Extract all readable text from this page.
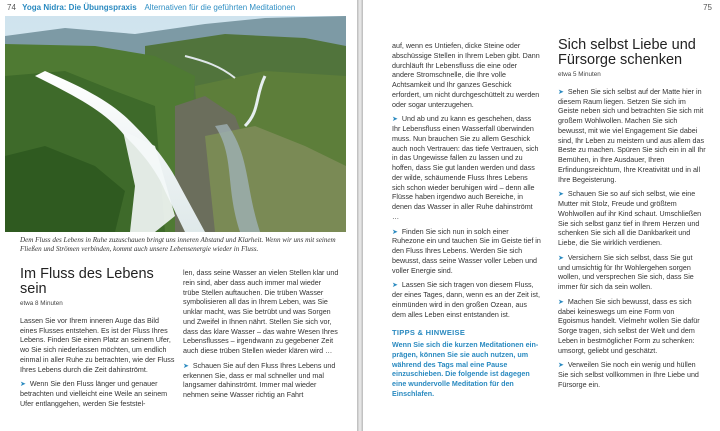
74 Yoga Nidra: Die Übungspraxis Alternativen für die geführten Meditationen
Dem Fluss des Lebens in Ruhe zuzuschauen bringt uns inneren Abstand und Klarheit. Wenn wir uns mit seinem Fließen und Strömen verbinden, kommt auch unsere Lebensenergie wieder in Fluss.
Im Fluss des Lebens sein
etwa 8 Minuten

Lassen Sie vor Ihrem inneren Auge das Bild eines Flusses entstehen. Es ist der Fluss Ihres Lebens. Finden Sie einen Platz an seinem Ufer, wo Sie sich niederlassen möchten, um endlich einmal in aller Ruhe zu betrachten, wie der Fluss Ihres Lebens durch die Zeit dahinströmt.

➤ Wenn Sie den Fluss länger und genauer betrachten und vielleicht eine Weile an seinem Ufer entlanggehen, werden Sie feststel-

len, dass seine Wasser an vielen Stellen klar und rein sind, aber dass auch immer mal wieder trübe Stellen auftauchen. Die trüben Wasser symbolisieren all das in Ihrem Leben, was Sie unklar macht, was Sie betrübt und was Sorgen und Zweifel in Ihnen nährt. Stellen Sie sich vor, dass das klare Wasser – das wahre Wesen Ihres Lebensflusses – irgendwann zu gegebener Zeit auch diese trüben Stellen wieder klären wird …

➤ Schauen Sie auf den Fluss Ihres Lebens und erkennen Sie, dass er mal schneller und mal langsamer dahinströmt. Immer mal wieder nehmen seine Wasser richtig an Fahrt

75

auf, wenn es Untiefen, dicke Steine oder abschüssige Stellen in Ihrem Leben gibt. Dann durchläuft Ihr Lebensfluss die eine oder andere Stromschnelle, die Ihre volle Achtsamkeit und Ihr ganzes Geschick erfordert, um nicht durchgeschüttelt zu werden oder sogar unterzugehen.

➤ Und ab und zu kann es geschehen, dass Ihr Lebensfluss einen Wasserfall überwinden muss. Nun brauchen Sie zu allem Geschick auch noch Vertrauen: das tiefe Vertrauen, sich in das Ungewisse fallen zu lassen und zu hoffen, dass Sie gut landen werden und dass der wilde, schäumende Fluss Ihres Lebens sich schon wieder beruhigen wird – denn alle Flüsse haben irgendwo auch Bereiche, in denen das Wasser in aller Ruhe dahinströmt …

➤ Finden Sie sich nun in solch einer Ruhezone ein und tauchen Sie im Geiste tief in den Fluss Ihres Lebens. Werden Sie sich bewusst, dass seine Wasser voller Leben und voller Energie sind.

➤ Lassen Sie sich tragen von diesem Fluss, der eines Tages, dann, wenn es an der Zeit ist, einmünden wird in den großen Ozean, aus dem alles Leben einst entstanden ist.

TIPPS & HINWEISE
Wenn Sie sich die kurzen Meditationen einprägen, können Sie sie auch nutzen, um während des Tags mal eine Pause einzuschieben. Die folgende ist dagegen eine wundervolle Meditation für den Einschlafen.
Sich selbst Liebe und Fürsorge schenken
etwa 5 Minuten

➤ Sehen Sie sich selbst auf der Matte hier in diesem Raum liegen. Setzen Sie sich im Geiste neben sich und betrachten Sie sich mit großem Wohlwollen. Machen Sie sich bewusst, mit wie viel Engagement Sie dabei sind, Ihr Leben zu meistern und aus allem das Beste zu machen. Spüren Sie sich ein in all Ihr Bemühen, in Ihre Ausdauer, Ihren Erfindungsreichtum, Ihre Kreativität und in all Ihre Begeisterung.

➤ Schauen Sie so auf sich selbst, wie eine Mutter mit Stolz, Freude und größtem Wohlwollen auf ihr Kind schaut. Umschließen Sie sich selbst ganz tief in Ihrem Herzen und schenken Sie sich all die Dankbarkeit und Liebe, die Sie wirklich verdienen.

➤ Versichern Sie sich selbst, dass Sie gut und umsichtig für Ihr Wohlergehen sorgen wollen, und versprechen Sie sich, dass Sie immer für sich da sein wollen.

➤ Machen Sie sich bewusst, dass es sich dabei keineswegs um eine Form von Egoismus handelt. Vielmehr wollen Sie dafür Sorge tragen, sich selbst der Welt und dem Leben in bestmöglicher Form zu schenken: umsorgt, geliebt und geschätzt.

➤ Verweilen Sie noch ein wenig und hüllen Sie sich selbst vollkommen in Ihre Liebe und Fürsorge ein.
